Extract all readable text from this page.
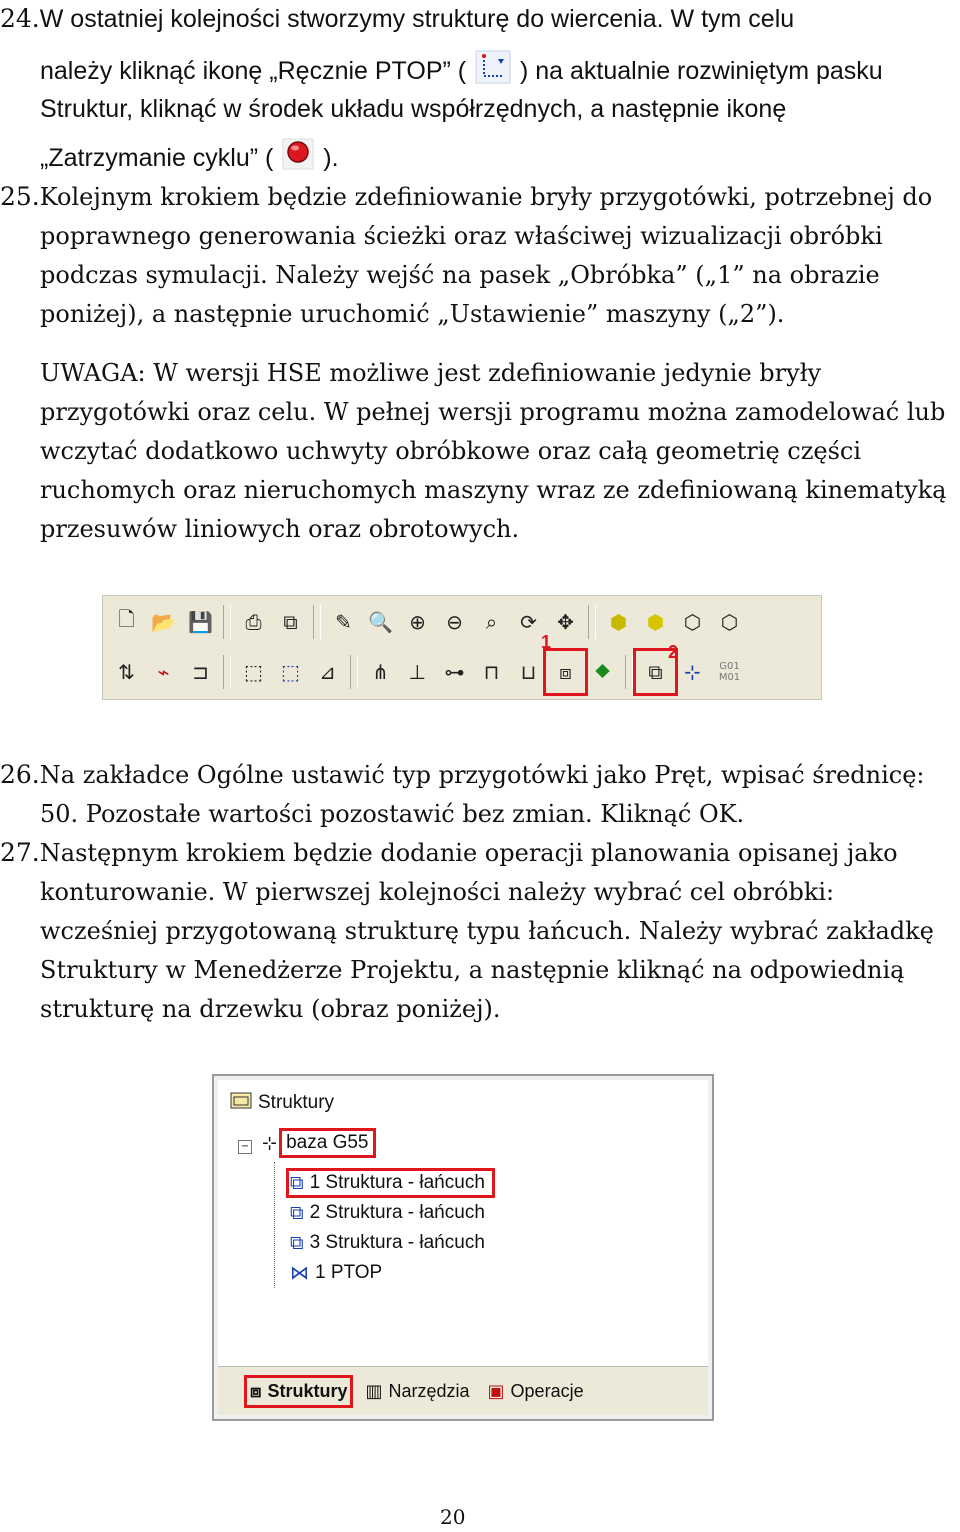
24.W ostatniej kolejności stworzymy strukturę do wiercenia. W tym celu
należy kliknąć ikonę „Ręcznie PTOP” ( ) na aktualnie rozwiniętym pasku
Struktur, kliknąć w środek układu współrzędnych, a następnie ikonę
„Zatrzymanie cyklu” ( ).
25.Kolejnym krokiem będzie zdefiniowanie bryły przygotówki, potrzebnej do
poprawnego generowania ścieżki oraz właściwej wizualizacji obróbki
podczas symulacji. Należy wejść na pasek „Obróbka” („1” na obrazie
poniżej), a następnie uruchomić „Ustawienie” maszyny („2”).
UWAGA: W wersji HSE możliwe jest zdefiniowanie jedynie bryły
przygotówki oraz celu. W pełnej wersji programu można zamodelować lub
wczytać dodatkowo uchwyty obróbkowe oraz całą geometrię części
ruchomych oraz nieruchomych maszyny wraz ze zdefiniowaną kinematyką
przesuwów liniowych oraz obrotowych.
🗋 📂 💾	⎙	⧉	✎ 🔍 ⊕	⊖	⌕	⟳	✥	⬢ ⬢ ⬡ ⬡
⇅	⌁	⊐	⬚ ⬚ ⊿	⋔ ⊥ ⊶ ⊓	⊔	⧈	⯁	⧉	⊹	G01
M01
1	2
26.Na zakładce Ogólne ustawić typ przygotówki jako Pręt, wpisać średnicę:
50. Pozostałe wartości pozostawić bez zmian. Kliknąć OK.
27.Następnym krokiem będzie dodanie operacji planowania opisanej jako
konturowanie. W pierwszej kolejności należy wybrać cel obróbki:
wcześniej przygotowaną strukturę typu łańcuch. Należy wybrać zakładkę
Struktury w Menedżerze Projektu, a następnie kliknąć na odpowiednią
strukturę na drzewku (obraz poniżej).
Struktury
− ⊹ baza G55
⧉ 1 Struktura - łańcuch
⧉ 2 Struktura - łańcuch
⧉ 3 Struktura - łańcuch
⋈ 1 PTOP
⧈ Struktury ▥ Narzędzia ▣ Operacje
20
